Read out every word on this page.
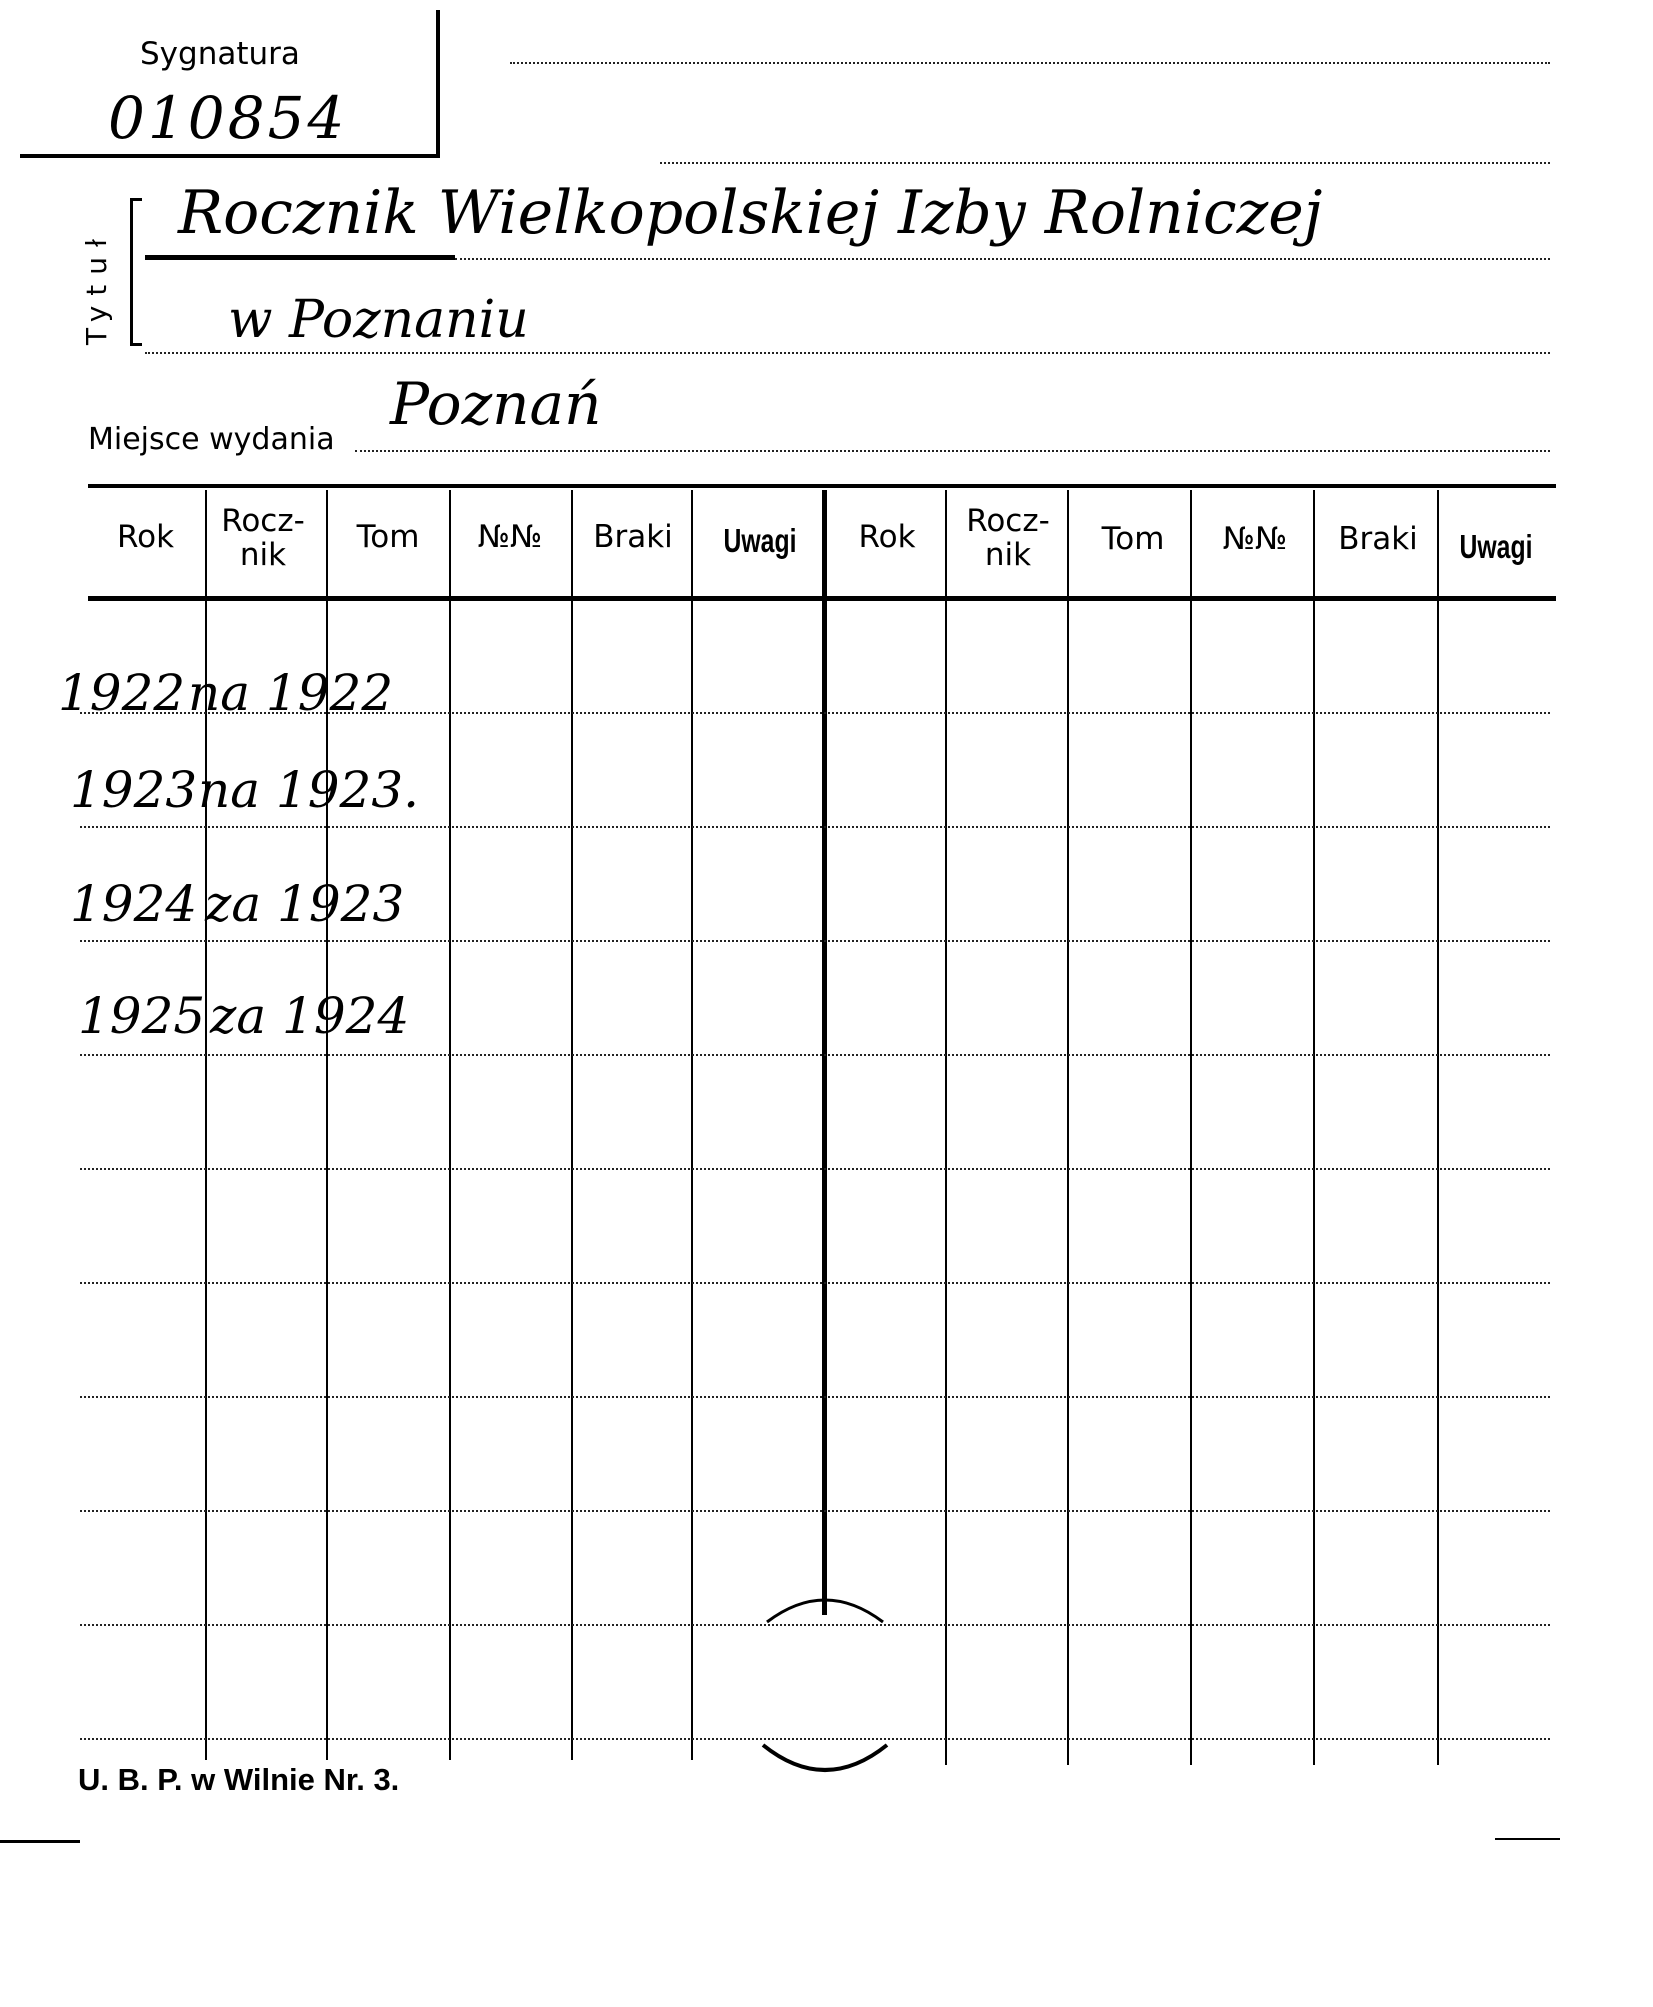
Sygnatura
010854
Tytuł
Rocznik Wielkopolskiej Izby Rolniczej
w Poznaniu
Miejsce wydania
Poznań
Rok	Rocz-nik	Tom	№№	Braki	Uwagi	Rok	Rocz-nik	Tom	№№	Braki	Uwagi
1922 na 1922
1923 na 1923.
1924 za 1923
1925 za 1924
U. B. P. w Wilnie Nr. 3.
